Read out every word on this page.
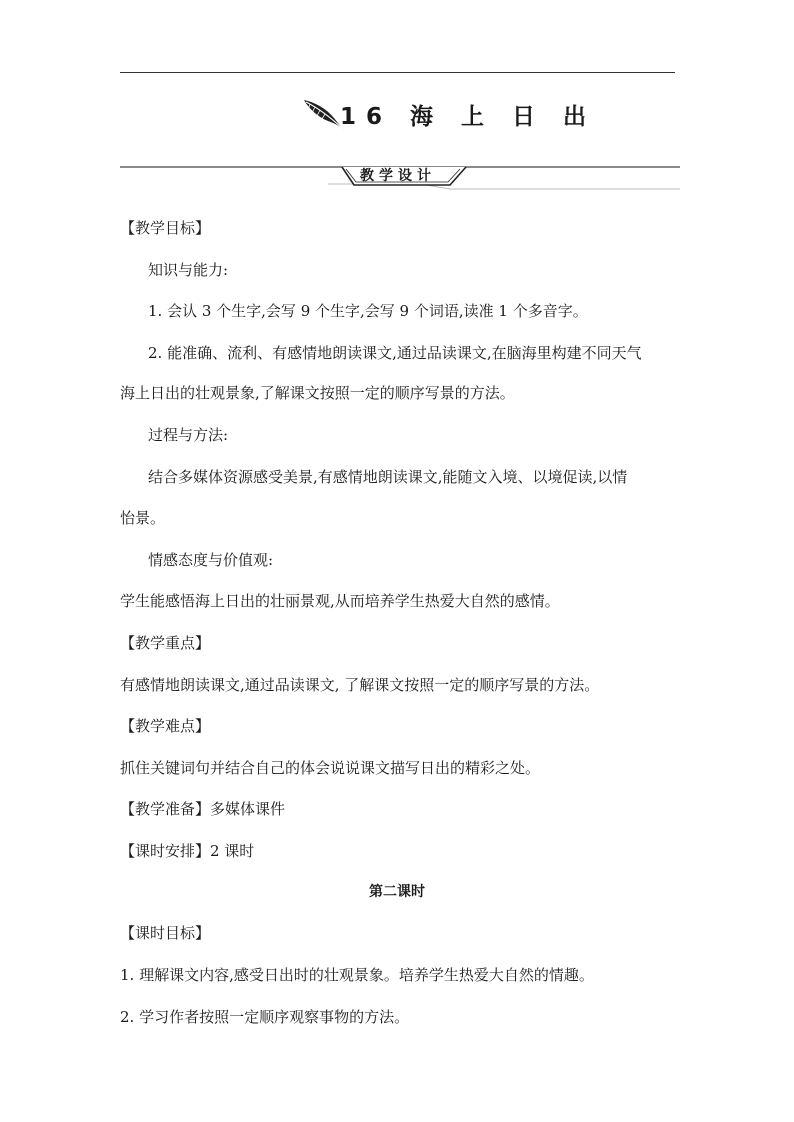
16 海 上 日 出
教学设计
【教学目标】
知识与能力:
1. 会认 3 个生字,会写 9 个生字,会写 9 个词语,读准 1 个多音字。
2. 能准确、流利、有感情地朗读课文,通过品读课文,在脑海里构建不同天气
海上日出的壮观景象,了解课文按照一定的顺序写景的方法。
过程与方法:
结合多媒体资源感受美景,有感情地朗读课文,能随文入境、以境促读,以情
怡景。
情感态度与价值观:
学生能感悟海上日出的壮丽景观,从而培养学生热爱大自然的感情。
【教学重点】
有感情地朗读课文,通过品读课文, 了解课文按照一定的顺序写景的方法。
【教学难点】
抓住关键词句并结合自己的体会说说课文描写日出的精彩之处。
【教学准备】多媒体课件
【课时安排】2 课时
第二课时
【课时目标】
1. 理解课文内容,感受日出时的壮观景象。培养学生热爱大自然的情趣。
2. 学习作者按照一定顺序观察事物的方法。
